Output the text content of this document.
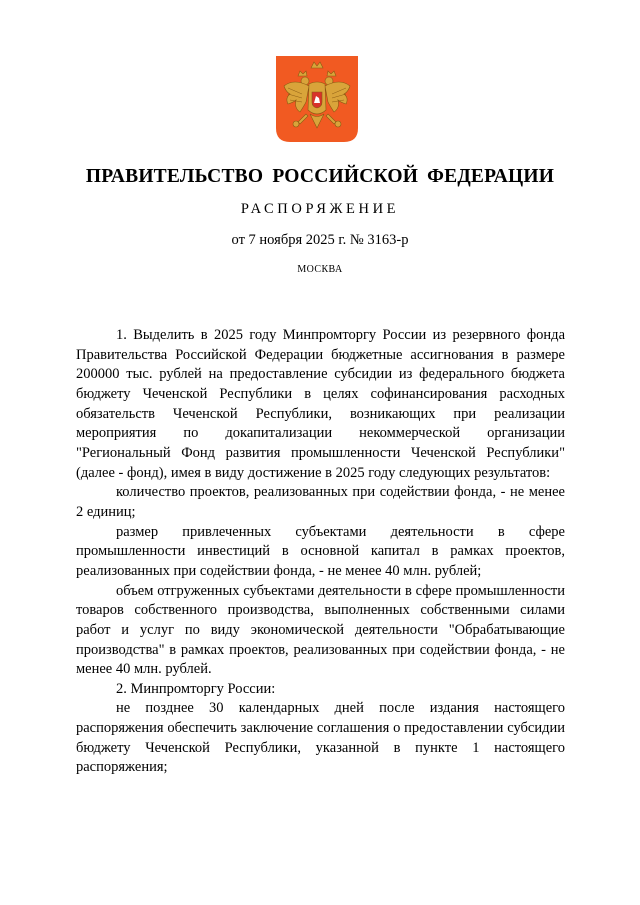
ПРАВИТЕЛЬСТВО РОССИЙСКОЙ ФЕДЕРАЦИИ
РАСПОРЯЖЕНИЕ
от 7 ноября 2025 г. № 3163-р
МОСКВА

1. Выделить в 2025 году Минпромторгу России из резервного фонда Правительства Российской Федерации бюджетные ассигнования в размере 200000 тыс. рублей на предоставление субсидии из федерального бюджета бюджету Чеченской Республики в целях софинансирования расходных обязательств Чеченской Республики, возникающих при реализации мероприятия по докапитализации некоммерческой организации "Региональный Фонд развития промышленности Чеченской Республики" (далее - фонд), имея в виду достижение в 2025 году следующих результатов:

количество проектов, реализованных при содействии фонда, - не менее 2 единиц;

размер привлеченных субъектами деятельности в сфере промышленности инвестиций в основной капитал в рамках проектов, реализованных при содействии фонда, - не менее 40 млн. рублей;

объем отгруженных субъектами деятельности в сфере промышленности товаров собственного производства, выполненных собственными силами работ и услуг по виду экономической деятельности "Обрабатывающие производства" в рамках проектов, реализованных при содействии фонда, - не менее 40 млн. рублей.

2. Минпромторгу России:

не позднее 30 календарных дней после издания настоящего распоряжения обеспечить заключение соглашения о предоставлении субсидии бюджету Чеченской Республики, указанной в пункте 1 настоящего распоряжения;
